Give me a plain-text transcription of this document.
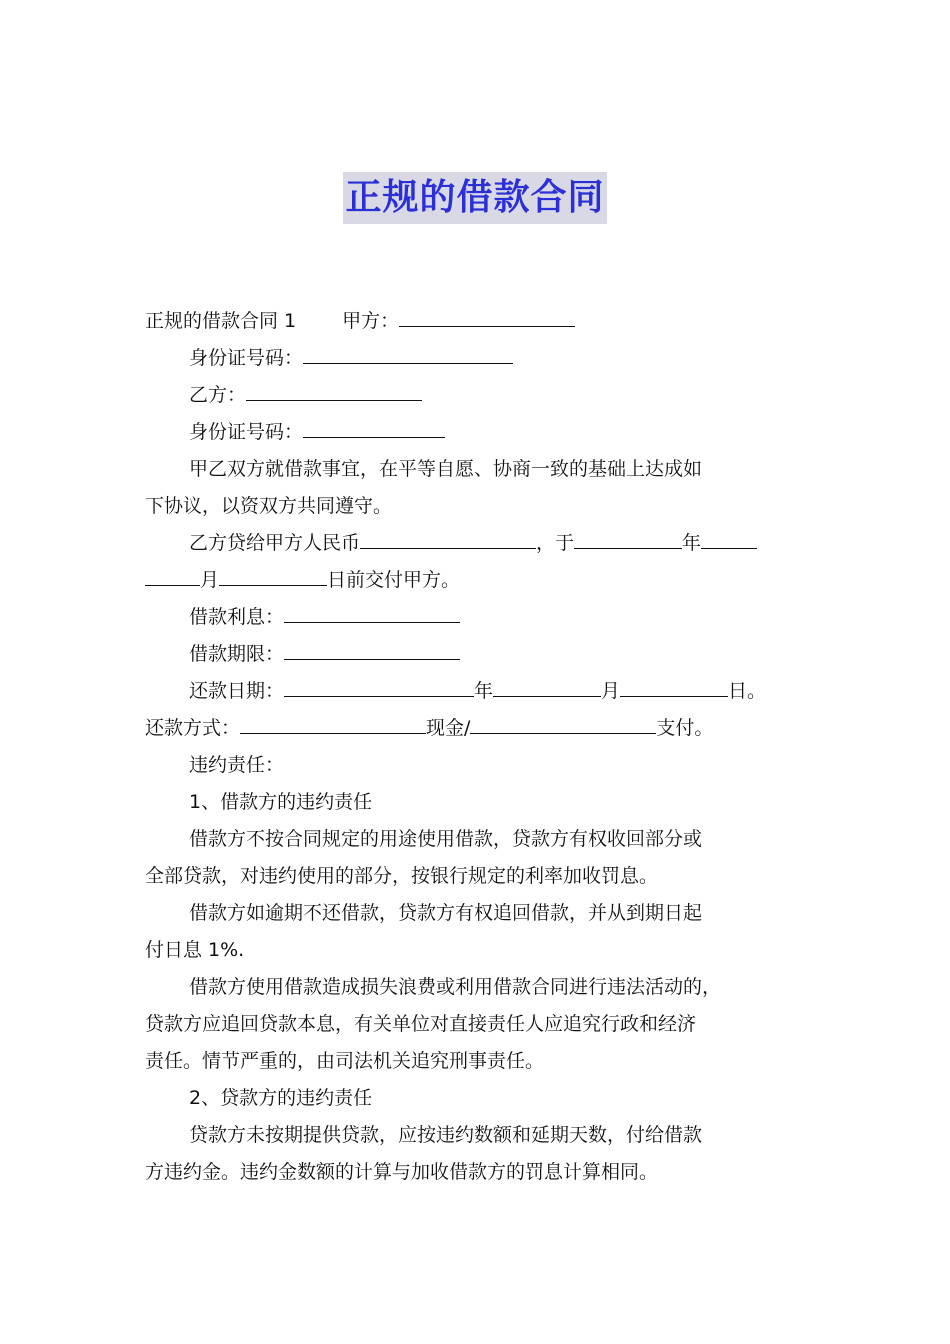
正规的借款合同
正规的借款合同 1 甲方：
身份证号码：
乙方：
身份证号码：
甲乙双方就借款事宜，在平等自愿、协商一致的基础上达成如
下协议，以资双方共同遵守。
乙方贷给甲方人民币	，于	年
月	日前交付甲方。
借款利息：
借款期限：
还款日期：	年	月	日。
还款方式：	现金/	支付。
违约责任：
1、借款方的违约责任
借款方不按合同规定的用途使用借款，贷款方有权收回部分或
全部贷款，对违约使用的部分，按银行规定的利率加收罚息。
借款方如逾期不还借款，贷款方有权追回借款，并从到期日起
付日息 1%.
借款方使用借款造成损失浪费或利用借款合同进行违法活动的，
贷款方应追回贷款本息，有关单位对直接责任人应追究行政和经济
责任。情节严重的，由司法机关追究刑事责任。
2、贷款方的违约责任
贷款方未按期提供贷款，应按违约数额和延期天数，付给借款
方违约金。违约金数额的计算与加收借款方的罚息计算相同。
